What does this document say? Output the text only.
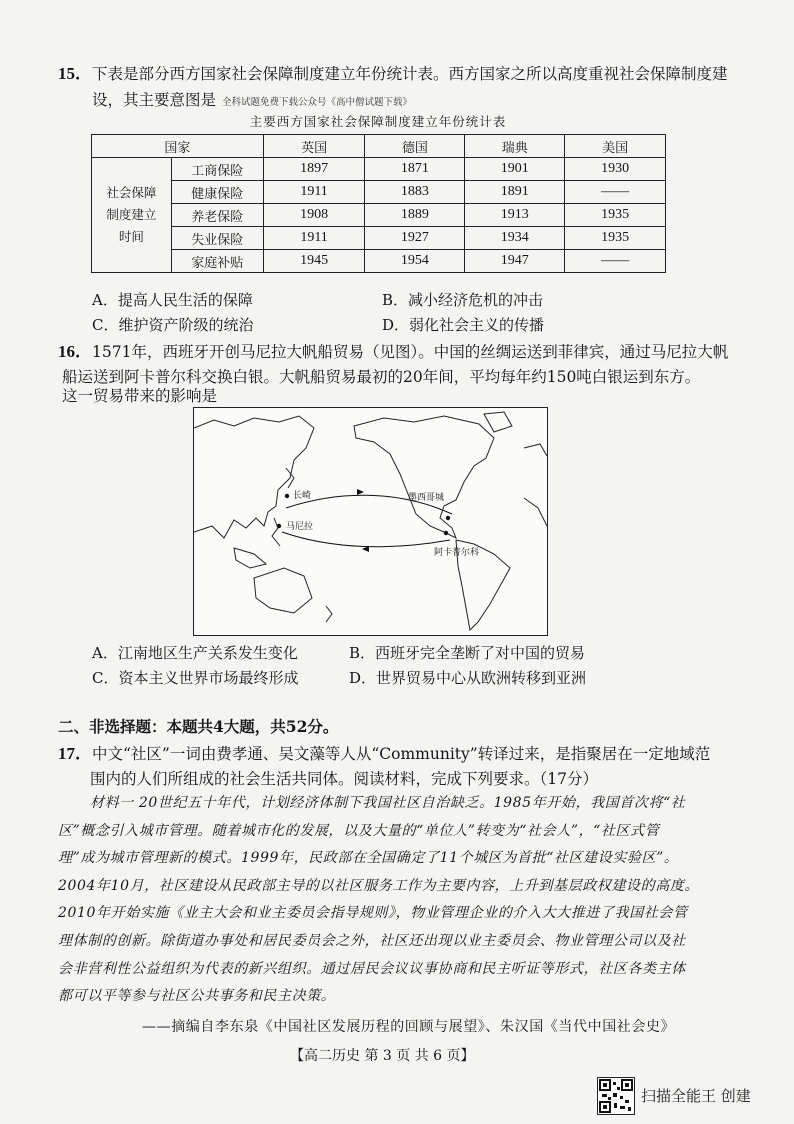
15．下表是部分西方国家社会保障制度建立年份统计表。西方国家之所以高度重视社会保障制度建
设，其主要意图是 全科试题免费下载公众号《高中僧试题下载》
主要西方国家社会保障制度建立年份统计表
国家		英国	德国	瑞典	美国

社会保障
制度建立
时间	工商保险	1897	1871	1901	1930
	健康保险	1911	1883	1891	——
	养老保险	1908	1889	1913	1935
	失业保险	1911	1927	1934	1935
	家庭补贴	1945	1954	1947	——
A．提高人民生活的保障	B．减小经济危机的冲击
C．维护资产阶级的统治	D．弱化社会主义的传播
16．1571年，西班牙开创马尼拉大帆船贸易（见图）。中国的丝绸运送到菲律宾，通过马尼拉大帆
船运送到阿卡普尔科交换白银。大帆船贸易最初的20年间，平均每年约150吨白银运到东方。
这一贸易带来的影响是
长崎
马尼拉
墨西哥城
阿卡普尔科
A．江南地区生产关系发生变化	B．西班牙完全垄断了对中国的贸易
C．资本主义世界市场最终形成	D．世界贸易中心从欧洲转移到亚洲
二、非选择题：本题共4大题，共52分。
17．中文“社区”一词由费孝通、吴文藻等人从“Community”转译过来，是指聚居在一定地域范
围内的人们所组成的社会生活共同体。阅读材料，完成下列要求。（17分）
材料一 20世纪五十年代，计划经济体制下我国社区自治缺乏。1985年开始，我国首次将“社
区”概念引入城市管理。随着城市化的发展，以及大量的“单位人”转变为“社会人”，“社区式管
理”成为城市管理新的模式。1999年，民政部在全国确定了11个城区为首批“社区建设实验区”。
2004年10月，社区建设从民政部主导的以社区服务工作为主要内容，上升到基层政权建设的高度。
2010年开始实施《业主大会和业主委员会指导规则》，物业管理企业的介入大大推进了我国社会管
理体制的创新。除街道办事处和居民委员会之外，社区还出现以业主委员会、物业管理公司以及社
会非营利性公益组织为代表的新兴组织。通过居民会议议事协商和民主听证等形式，社区各类主体
都可以平等参与社区公共事务和民主决策。
——摘编自李东泉《中国社区发展历程的回顾与展望》、朱汉国《当代中国社会史》
【高二历史 第 3 页 共 6 页】
扫描全能王 创建
